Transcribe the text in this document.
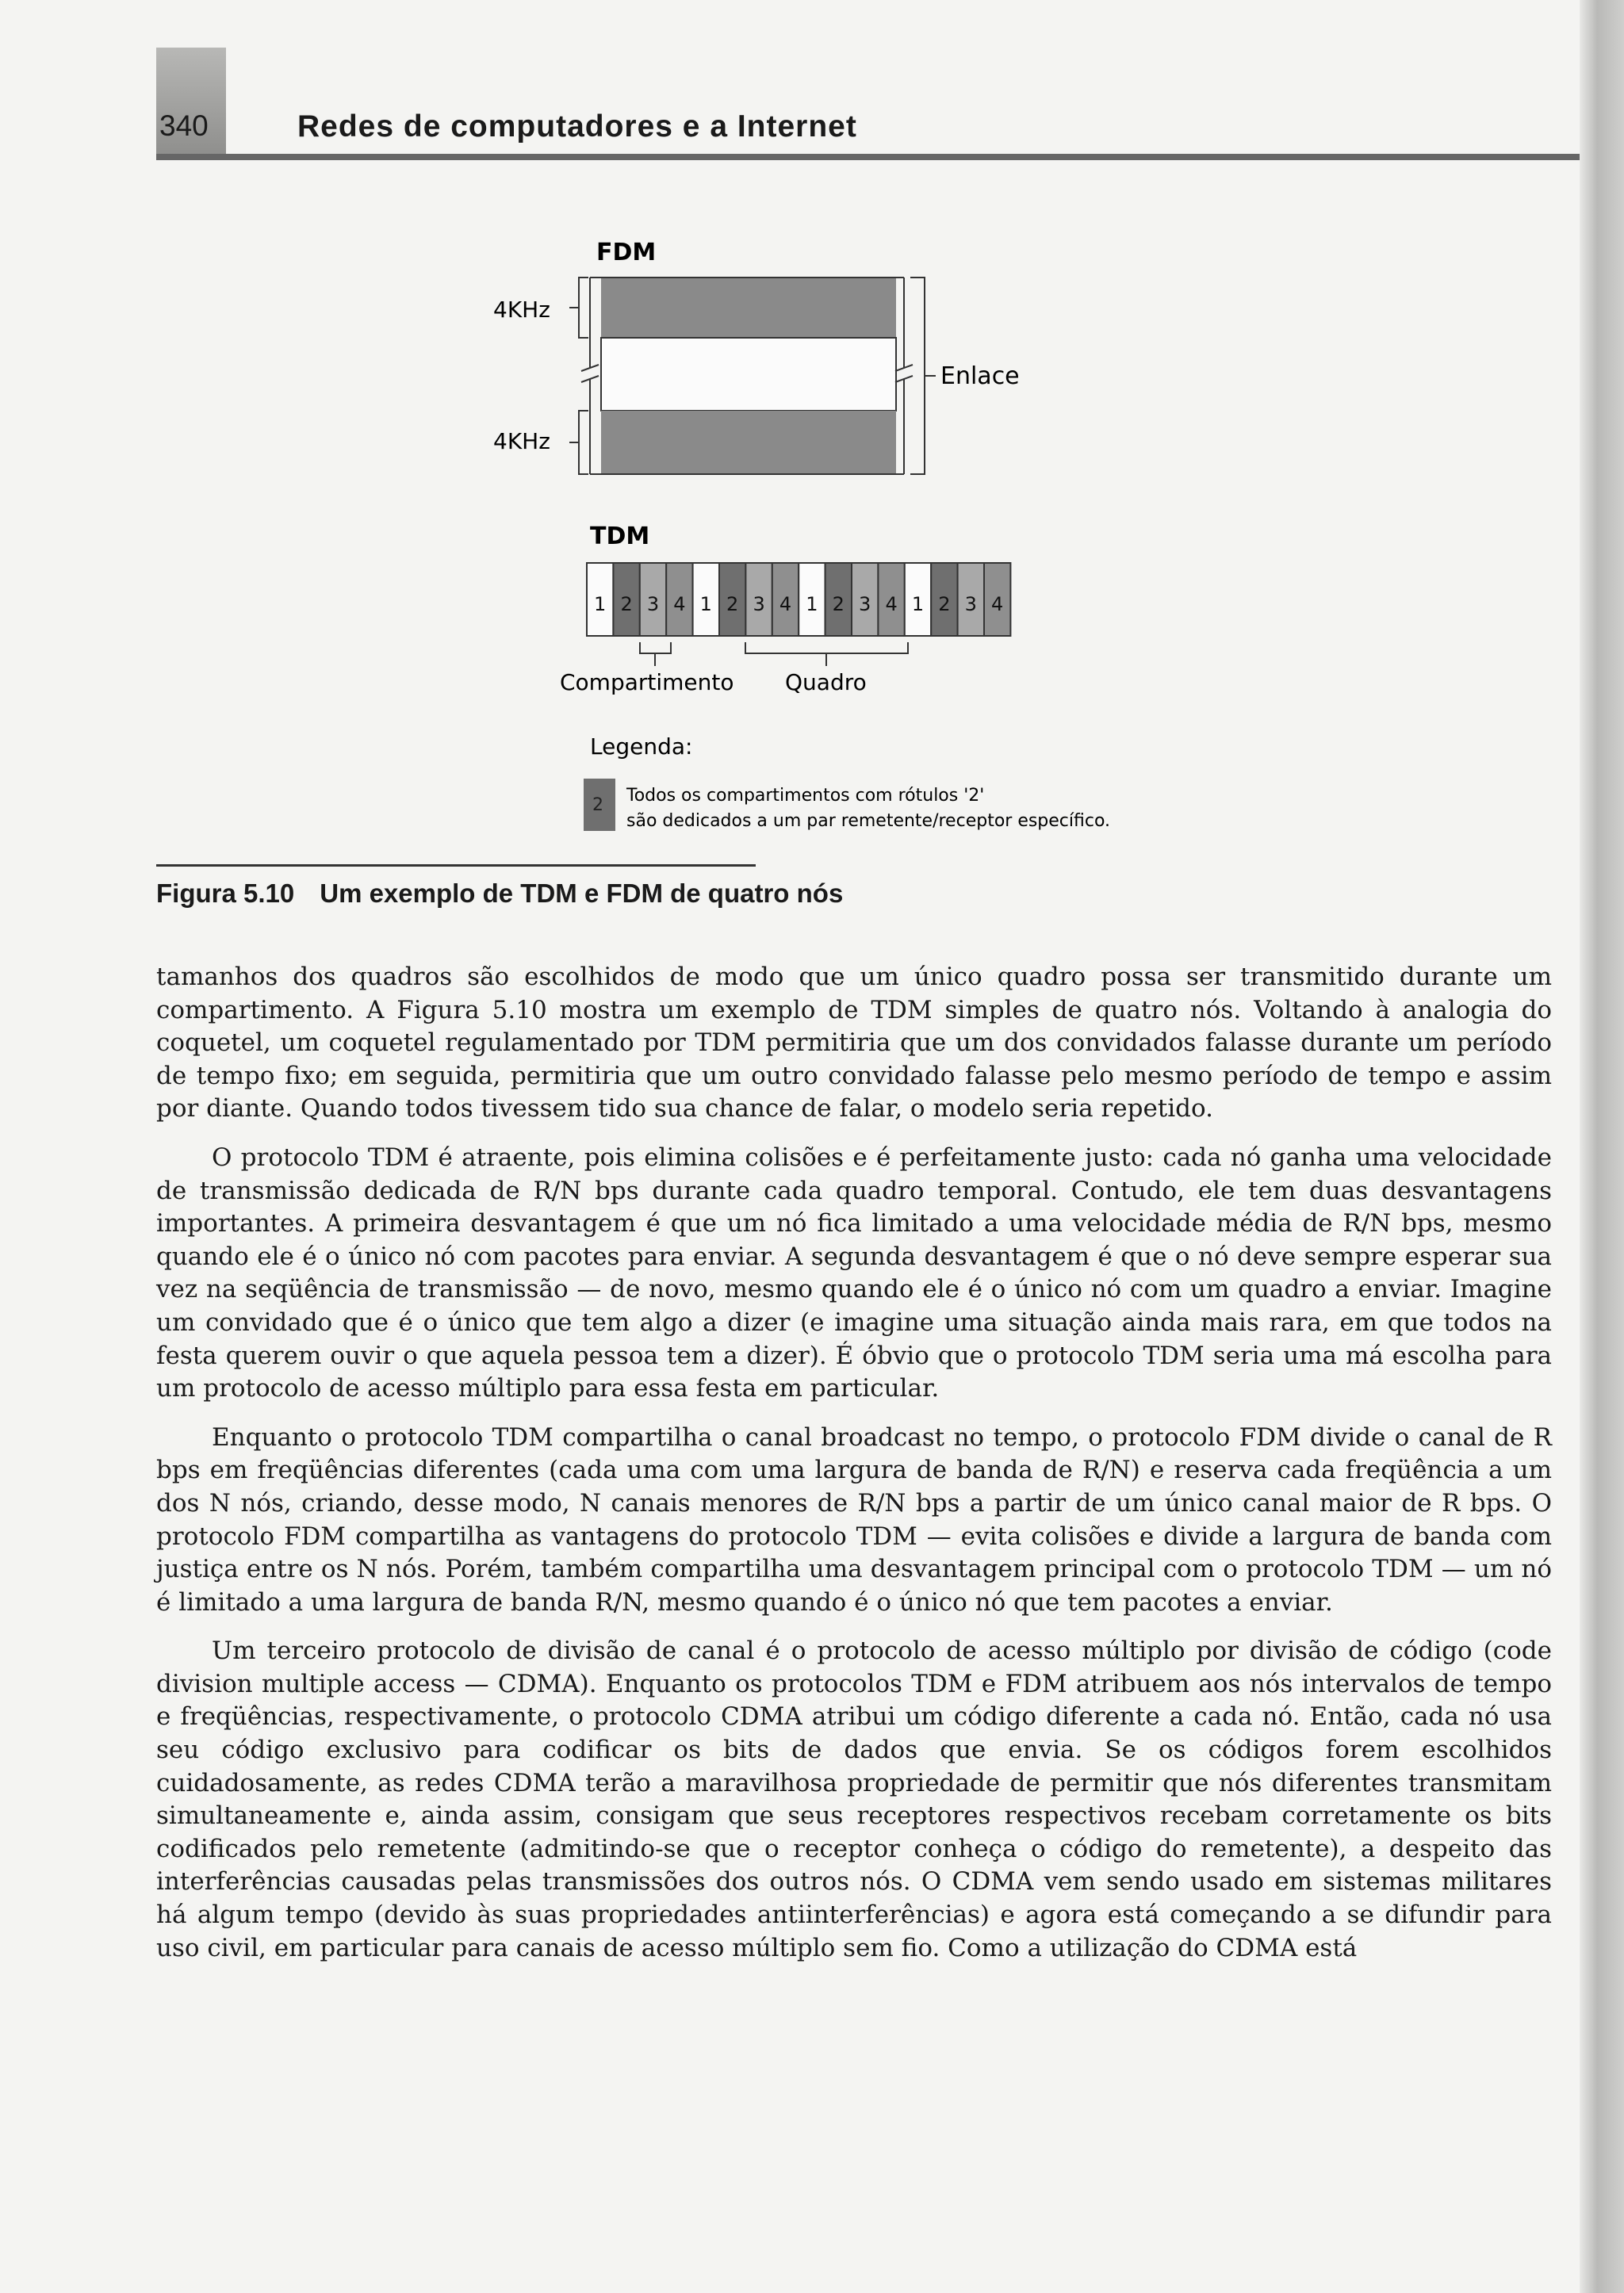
340	Redes de computadores e a Internet
FDM
4KHz
4KHz
Enlace
TDM
1 2 3 4 1 2 3 4 1 2 3 4 1 2 3 4
Compartimento Quadro
Legenda:
2 Todos os compartimentos com rótulos '2'
são dedicados a um par remetente/receptor específico.
Figura 5.10 Um exemplo de TDM e FDM de quatro nós

tamanhos dos quadros são escolhidos de modo que um único quadro possa ser transmitido durante um compartimento. A Figura 5.10 mostra um exemplo de TDM simples de quatro nós. Voltando à analogia do coquetel, um coquetel regulamentado por TDM permitiria que um dos convidados falasse durante um período de tempo fixo; em seguida, permitiria que um outro convidado falasse pelo mesmo período de tempo e assim por diante. Quando todos tivessem tido sua chance de falar, o modelo seria repetido.

O protocolo TDM é atraente, pois elimina colisões e é perfeitamente justo: cada nó ganha uma velocidade de transmissão dedicada de R/N bps durante cada quadro temporal. Contudo, ele tem duas desvantagens importantes. A primeira desvantagem é que um nó fica limitado a uma velocidade média de R/N bps, mesmo quando ele é o único nó com pacotes para enviar. A segunda desvantagem é que o nó deve sempre esperar sua vez na seqüência de transmissão — de novo, mesmo quando ele é o único nó com um quadro a enviar. Imagine um convidado que é o único que tem algo a dizer (e imagine uma situação ainda mais rara, em que todos na festa querem ouvir o que aquela pessoa tem a dizer). É óbvio que o protocolo TDM seria uma má escolha para um protocolo de acesso múltiplo para essa festa em particular.

Enquanto o protocolo TDM compartilha o canal broadcast no tempo, o protocolo FDM divide o canal de R bps em freqüências diferentes (cada uma com uma largura de banda de R/N) e reserva cada freqüência a um dos N nós, criando, desse modo, N canais menores de R/N bps a partir de um único canal maior de R bps. O protocolo FDM compartilha as vantagens do protocolo TDM — evita colisões e divide a largura de banda com justiça entre os N nós. Porém, também compartilha uma desvantagem principal com o protocolo TDM — um nó é limitado a uma largura de banda R/N, mesmo quando é o único nó que tem pacotes a enviar.

Um terceiro protocolo de divisão de canal é o protocolo de acesso múltiplo por divisão de código (code division multiple access — CDMA). Enquanto os protocolos TDM e FDM atribuem aos nós intervalos de tempo e freqüências, respectivamente, o protocolo CDMA atribui um código diferente a cada nó. Então, cada nó usa seu código exclusivo para codificar os bits de dados que envia. Se os códigos forem escolhidos cuidadosamente, as redes CDMA terão a maravilhosa propriedade de permitir que nós diferentes transmitam simultaneamente e, ainda assim, consigam que seus receptores respectivos recebam corretamente os bits codificados pelo remetente (admitindo-se que o receptor conheça o código do remetente), a despeito das interferências causadas pelas transmissões dos outros nós. O CDMA vem sendo usado em sistemas militares há algum tempo (devido às suas propriedades antiinterferências) e agora está começando a se difundir para uso civil, em particular para canais de acesso múltiplo sem fio. Como a utilização do CDMA está
